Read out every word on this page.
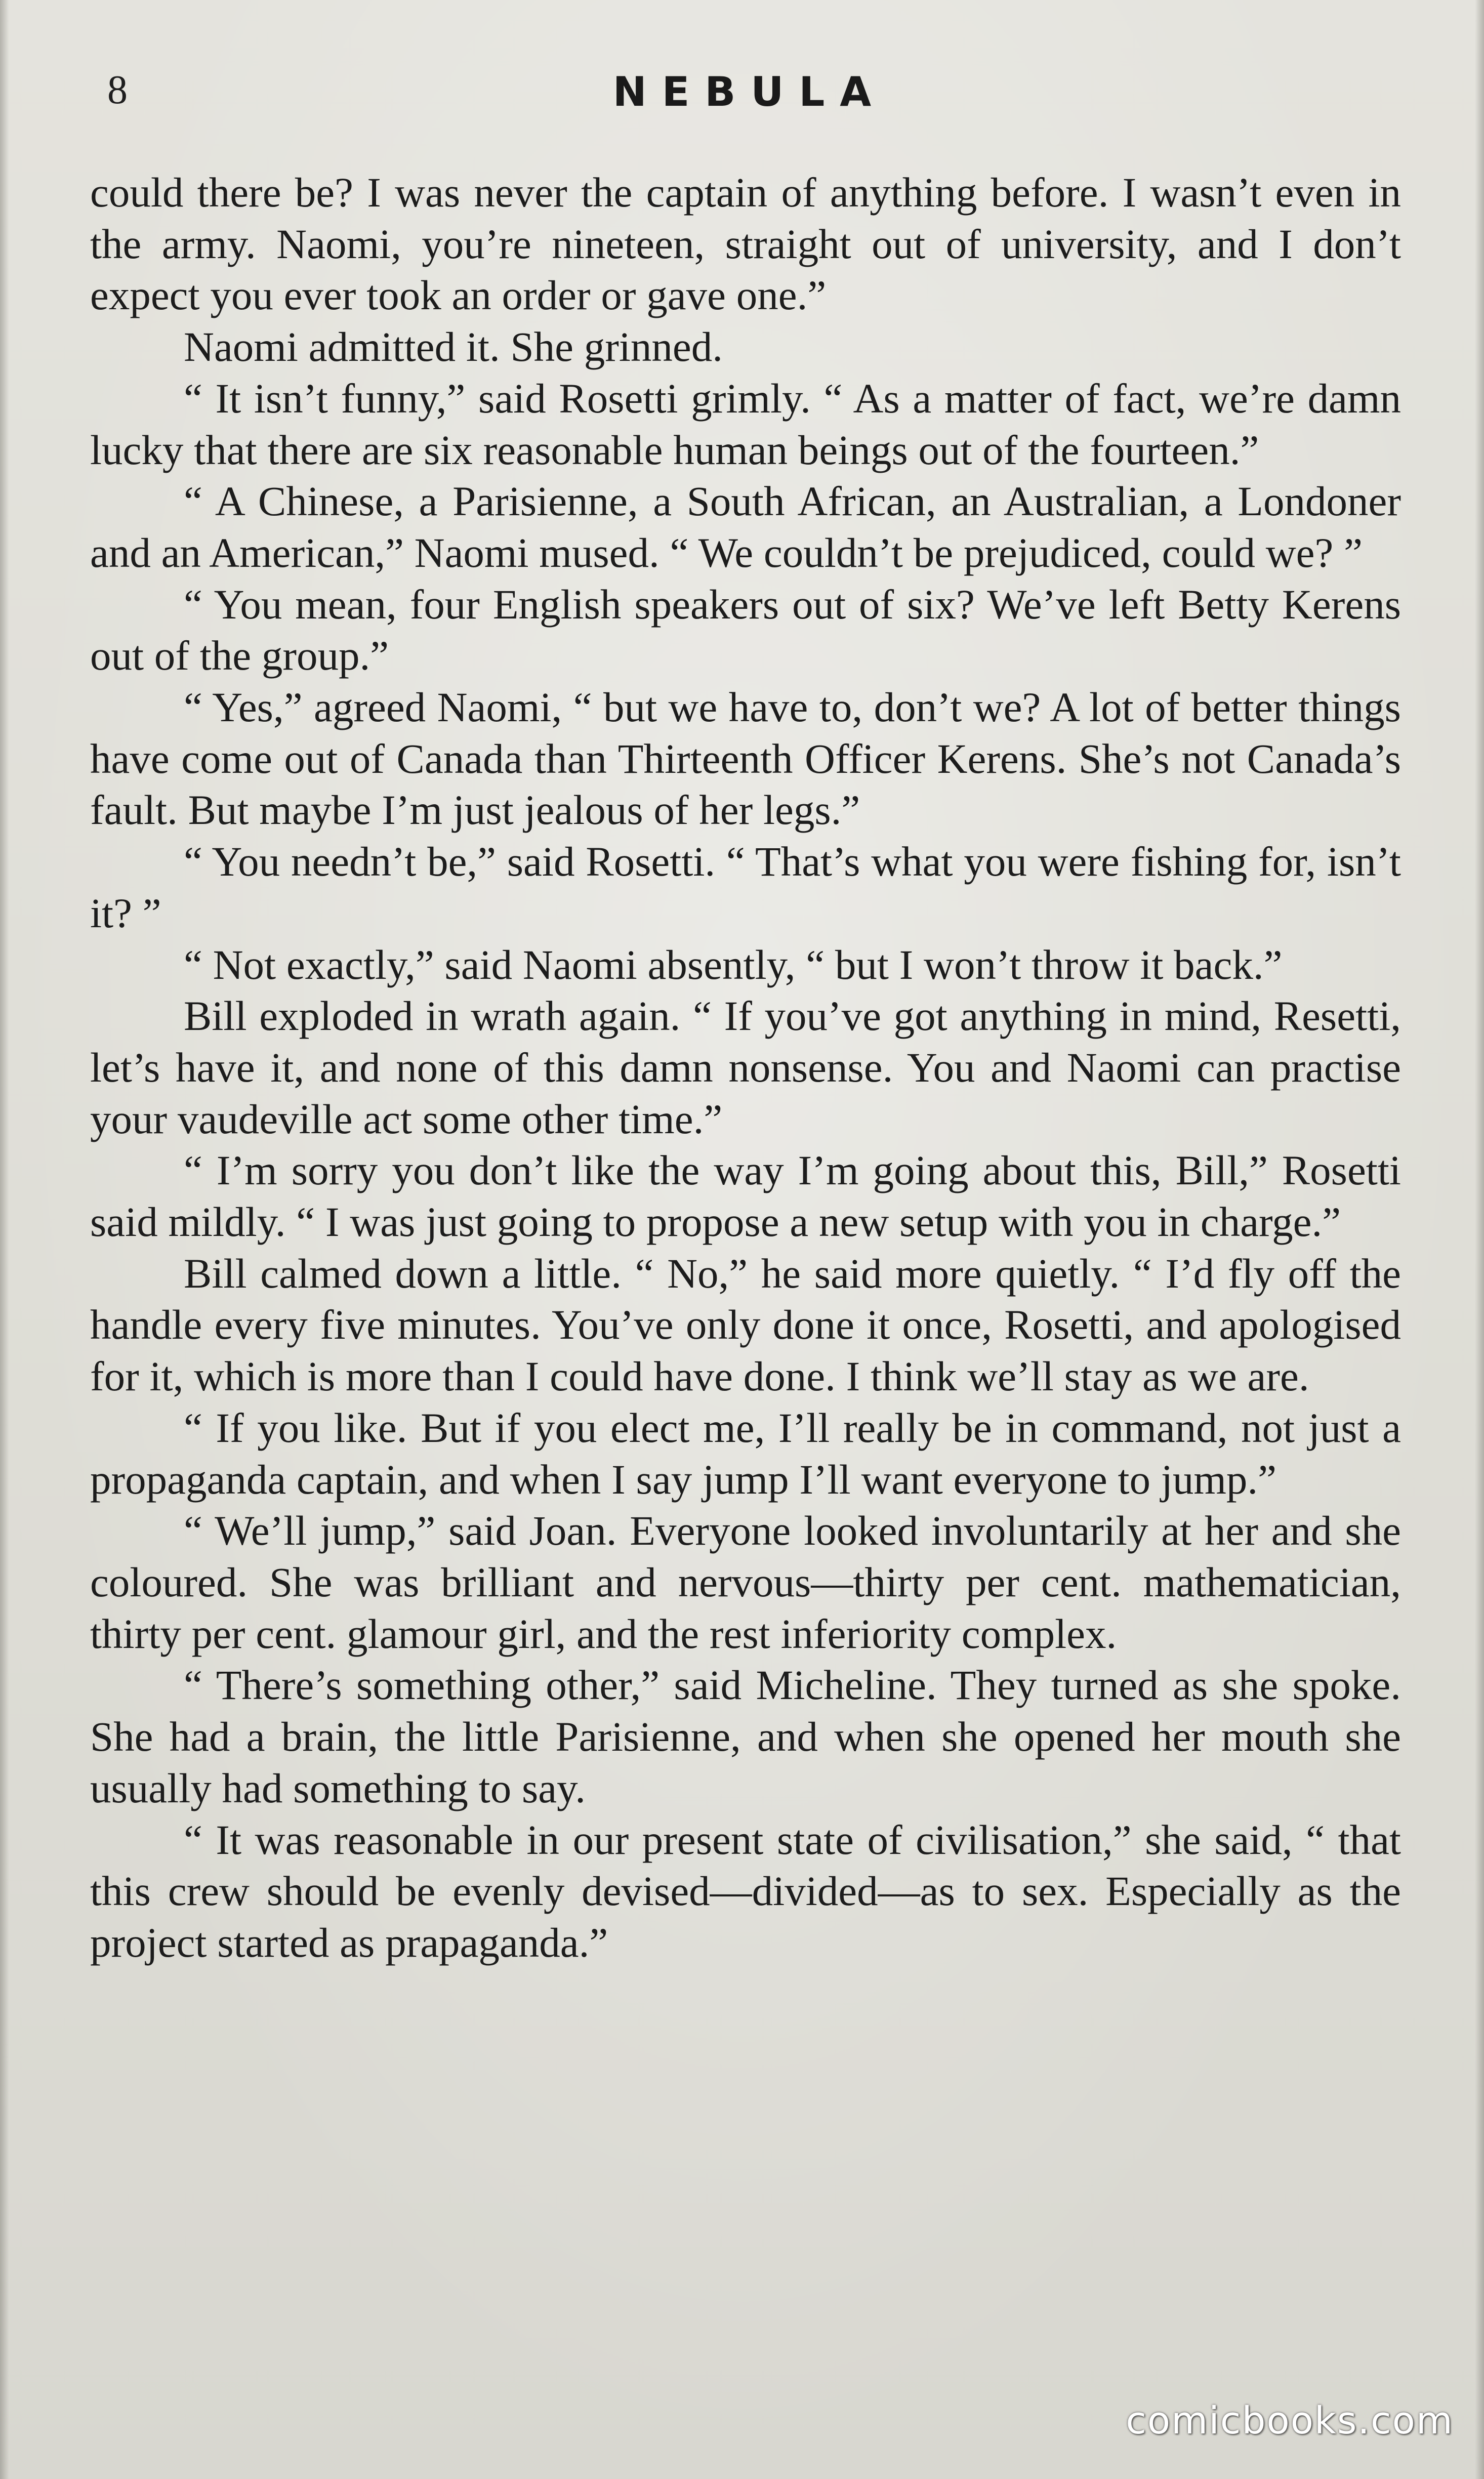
8	NEBULA

could there be? I was never the captain of anything before. I wasn’t even in the army. Naomi, you’re nineteen, straight out of university, and I don’t expect you ever took an order or gave one.”

Naomi admitted it. She grinned.

“ It isn’t funny,” said Rosetti grimly. “ As a matter of fact, we’re damn lucky that there are six reasonable human beings out of the fourteen.”

“ A Chinese, a Parisienne, a South African, an Australian, a Londoner and an American,” Naomi mused. “ We couldn’t be prejudiced, could we? ”

“ You mean, four English speakers out of six? We’ve left Betty Kerens out of the group.”

“ Yes,” agreed Naomi, “ but we have to, don’t we? A lot of better things have come out of Canada than Thirteenth Officer Kerens. She’s not Canada’s fault. But maybe I’m just jealous of her legs.”

“ You needn’t be,” said Rosetti. “ That’s what you were fishing for, isn’t it? ”

“ Not exactly,” said Naomi absently, “ but I won’t throw it back.”

Bill exploded in wrath again. “ If you’ve got anything in mind, Resetti, let’s have it, and none of this damn nonsense. You and Naomi can practise your vaudeville act some other time.”

“ I’m sorry you don’t like the way I’m going about this, Bill,” Rosetti said mildly. “ I was just going to propose a new setup with you in charge.”

Bill calmed down a little. “ No,” he said more quietly. “ I’d fly off the handle every five minutes. You’ve only done it once, Rosetti, and apologised for it, which is more than I could have done. I think we’ll stay as we are.

“ If you like. But if you elect me, I’ll really be in command, not just a propaganda captain, and when I say jump I’ll want everyone to jump.”

“ We’ll jump,” said Joan. Everyone looked involuntarily at her and she coloured. She was brilliant and nervous—thirty per cent. mathematician, thirty per cent. glamour girl, and the rest inferiority complex.

“ There’s something other,” said Micheline. They turned as she spoke. She had a brain, the little Parisienne, and when she opened her mouth she usually had something to say.

“ It was reasonable in our present state of civilisation,” she said, “ that this crew should be evenly devised—divided—as to sex. Especially as the project started as prapaganda.”

comicbooks.com
